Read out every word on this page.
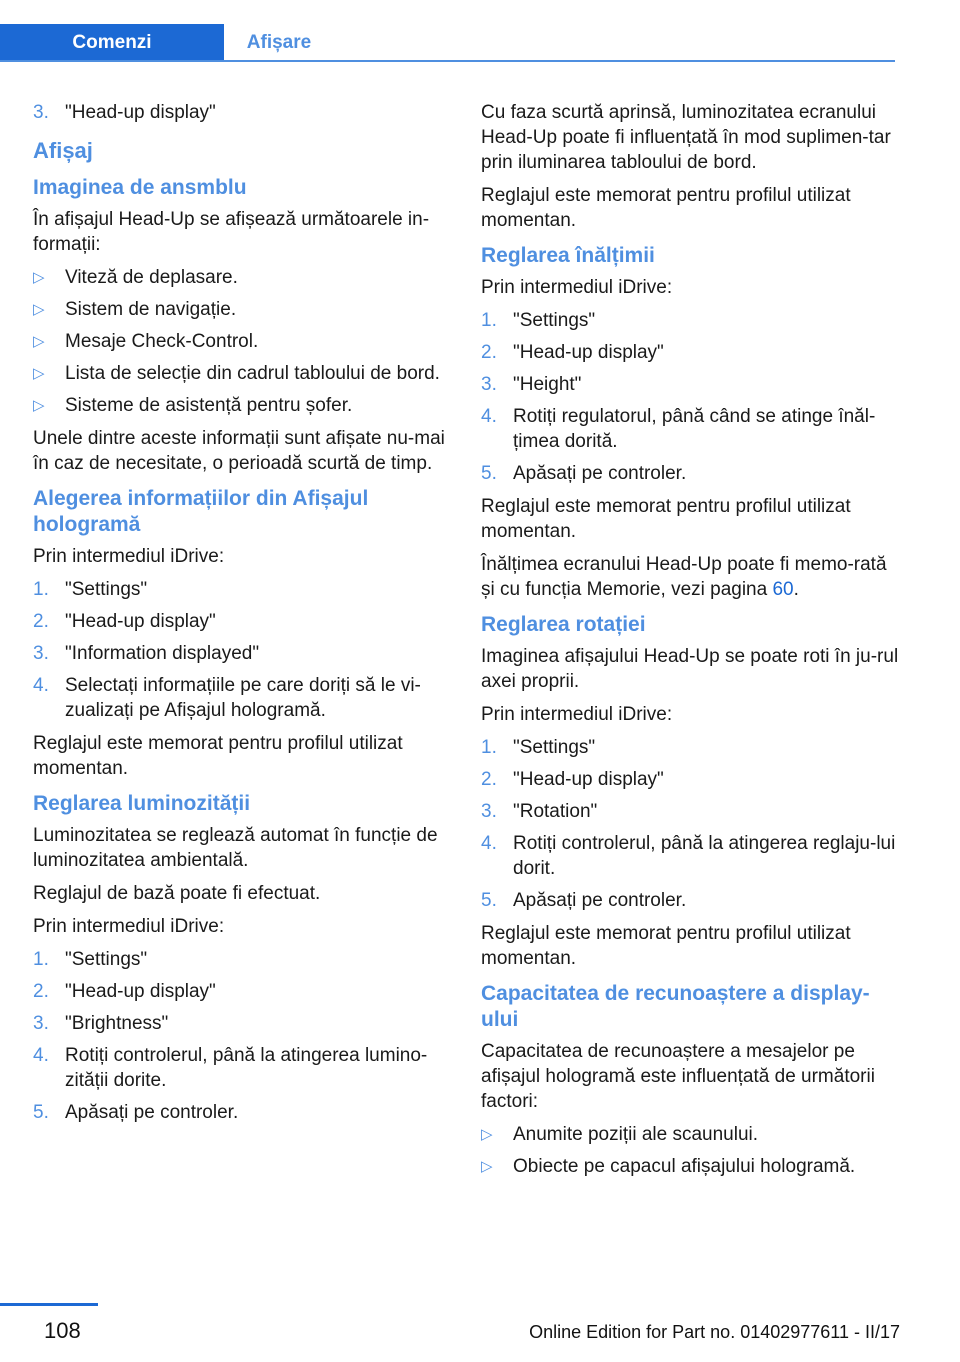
Comenzi	Afișare
3. "Head-up display"
Afișaj
Imaginea de ansmblu

În afișajul Head-Up se afișează următoarele in‐formații:

▷ Viteză de deplasare.
▷ Sistem de navigație.
▷ Mesaje Check-Control.
▷ Lista de selecție din cadrul tabloului de bord.
▷ Sisteme de asistență pentru șofer.

Unele dintre aceste informații sunt afișate nu‐mai în caz de necesitate, o perioadă scurtă de timp.

Alegerea informațiilor din Afișajul hologramă

Prin intermediul iDrive:

1. "Settings"
2. "Head-up display"
3. "Information displayed"
4. Selectați informațiile pe care doriți să le vi‐zualizați pe Afișajul hologramă.

Reglajul este memorat pentru profilul utilizat momentan.

Reglarea luminozității

Luminozitatea se reglează automat în funcție de luminozitatea ambientală.

Reglajul de bază poate fi efectuat.

Prin intermediul iDrive:

1. "Settings"
2. "Head-up display"
3. "Brightness"
4. Rotiți controlerul, până la atingerea lumino‐zității dorite.
5. Apăsați pe controler.

Cu faza scurtă aprinsă, luminozitatea ecranului Head-Up poate fi influențată în mod suplimen‐tar prin iluminarea tabloului de bord.

Reglajul este memorat pentru profilul utilizat momentan.

Reglarea înălțimii

Prin intermediul iDrive:

1. "Settings"
2. "Head-up display"
3. "Height"
4. Rotiți regulatorul, până când se atinge înăl‐țimea dorită.
5. Apăsați pe controler.

Reglajul este memorat pentru profilul utilizat momentan.

Înălțimea ecranului Head-Up poate fi memo‐rată și cu funcția Memorie, vezi pagina 60.

Reglarea rotației

Imaginea afișajului Head-Up se poate roti în ju‐rul axei proprii.

Prin intermediul iDrive:

1. "Settings"
2. "Head-up display"
3. "Rotation"
4. Rotiți controlerul, până la atingerea reglaju‐lui dorit.
5. Apăsați pe controler.

Reglajul este memorat pentru profilul utilizat momentan.

Capacitatea de recunoaștere a display-ului

Capacitatea de recunoaștere a mesajelor pe afișajul hologramă este influențată de următorii factori:

▷ Anumite poziții ale scaunului.
▷ Obiecte pe capacul afișajului hologramă.
108	Online Edition for Part no. 01402977611 - II/17
